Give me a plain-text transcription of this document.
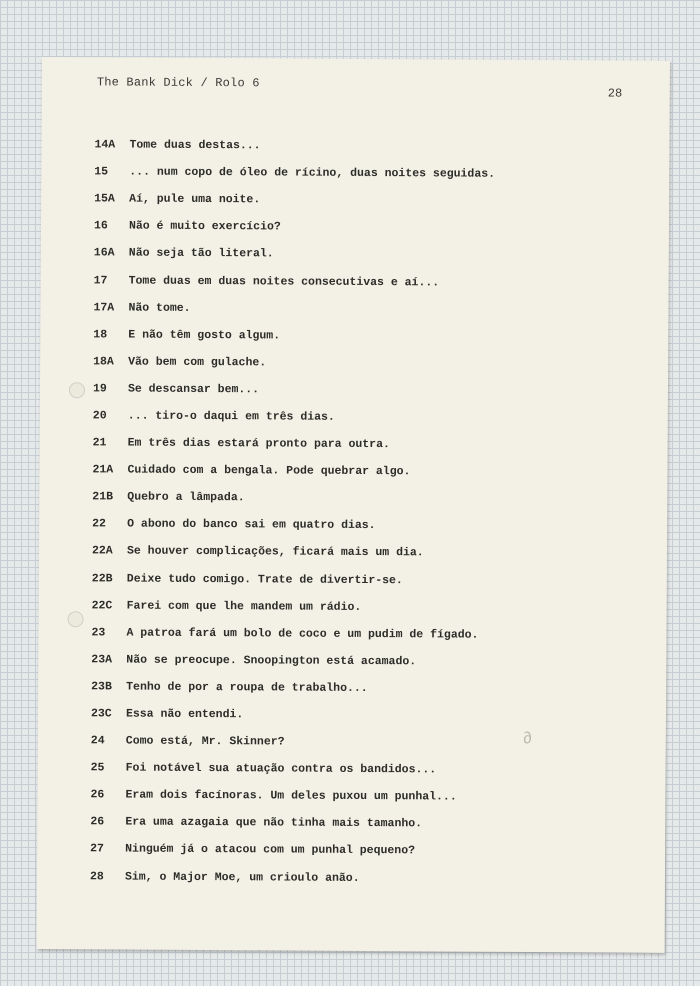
The Bank Dick / Rolo 6
28
14A	Tome duas destas...
15	... num copo de óleo de rícino, duas noites seguidas.
15A	Aí, pule uma noite.
16	Não é muito exercício?
16A	Não seja tão literal.
17	Tome duas em duas noites consecutivas e aí...
17A	Não tome.
18	E não têm gosto algum.
18A	Vão bem com gulache.
19	Se descansar bem...
20	... tiro-o daqui em três dias.
21	Em três dias estará pronto para outra.
21A	Cuidado com a bengala. Pode quebrar algo.
21B	Quebro a lâmpada.
22	O abono do banco sai em quatro dias.
22A	Se houver complicações, ficará mais um dia.
22B	Deixe tudo comigo. Trate de divertir-se.
22C	Farei com que lhe mandem um rádio.
23	A patroa fará um bolo de coco e um pudim de fígado.
23A	Não se preocupe. Snoopington está acamado.
23B	Tenho de por a roupa de trabalho...
23C	Essa não entendi.
24	Como está, Mr. Skinner?
25	Foi notável sua atuação contra os bandidos...
26	Eram dois facínoras. Um deles puxou um punhal...
26	Era uma azagaia que não tinha mais tamanho.
27	Ninguém já o atacou com um punhal pequeno?
28	Sim, o Major Moe, um crioulo anão.
∂
